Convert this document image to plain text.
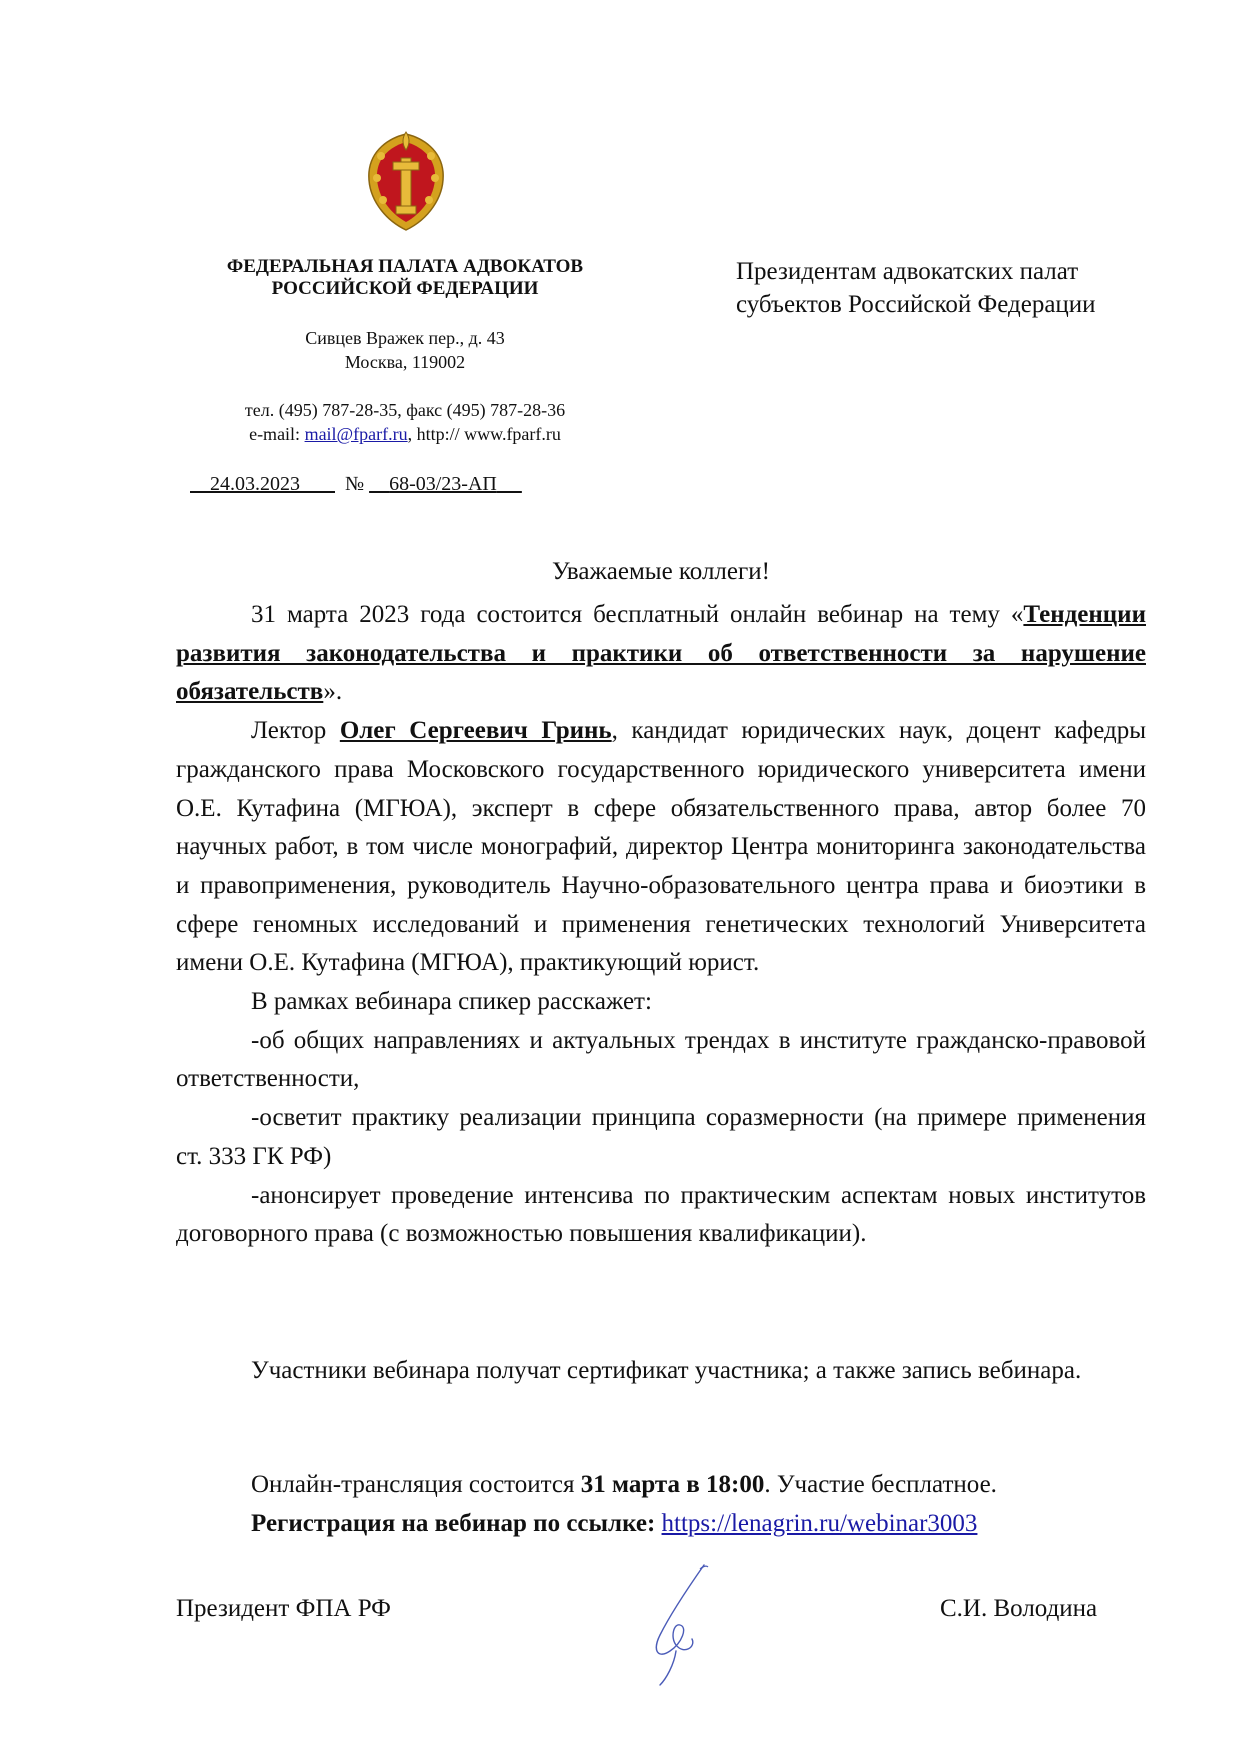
ФЕДЕРАЛЬНАЯ ПАЛАТА АДВОКАТОВ
РОССИЙСКОЙ ФЕДЕРАЦИИ
Сивцев Вражек пер., д. 43
Москва, 119002
тел. (495) 787-28-35, факс (495) 787-28-36
e-mail: mail@fparf.ru, http:// www.fparf.ru
24.03.2023 № 68-03/23-АП
Президентам адвокатских палат
субъектов Российской Федерации
Уважаемые коллеги!

31 марта 2023 года состоится бесплатный онлайн вебинар на тему «Тенденции развития законодательства и практики об ответственности за нарушение обязательств».

Лектор Олег Сергеевич Гринь, кандидат юридических наук, доцент кафедры гражданского права Московского государственного юридического университета имени О.Е. Кутафина (МГЮА), эксперт в сфере обязательственного права, автор более 70 научных работ, в том числе монографий, директор Центра мониторинга законодательства и правоприменения, руководитель Научно-образовательного центра права и биоэтики в сфере геномных исследований и применения генетических технологий Университета имени О.Е. Кутафина (МГЮА), практикующий юрист.

В рамках вебинара спикер расскажет:

-об общих направлениях и актуальных трендах в институте гражданско-правовой ответственности,

-осветит практику реализации принципа соразмерности (на примере применения ст. 333 ГК РФ)

-анонсирует проведение интенсива по практическим аспектам новых институтов договорного права (с возможностью повышения квалификации).

Участники вебинара получат сертификат участника; а также запись вебинара.

Онлайн-трансляция состоится 31 марта в 18:00. Участие бесплатное.

Регистрация на вебинар по ссылке: https://lenagrin.ru/webinar3003

Президент ФПА РФ	С.И. Володина
